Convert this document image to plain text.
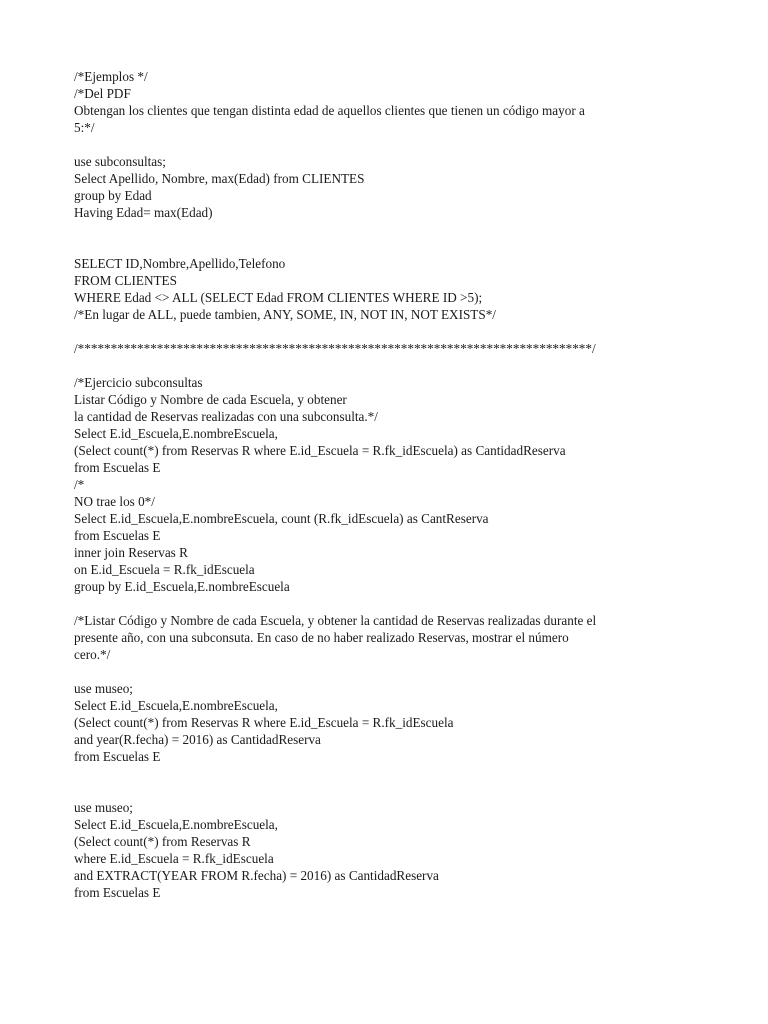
/*Ejemplos */
/*Del PDF
Obtengan los clientes que tengan distinta edad de aquellos clientes que tienen un código mayor a
5:*/
use subconsultas;
Select Apellido, Nombre, max(Edad) from CLIENTES
group by Edad
Having Edad= max(Edad)
SELECT ID,Nombre,Apellido,Telefono
FROM CLIENTES
WHERE Edad <> ALL (SELECT Edad FROM CLIENTES WHERE ID >5);
/*En lugar de ALL, puede tambien, ANY, SOME, IN, NOT IN, NOT EXISTS*/
/******************************************************************************/
/*Ejercicio subconsultas
Listar Código y Nombre de cada Escuela, y obtener
la cantidad de Reservas realizadas con una subconsulta.*/
Select E.id_Escuela,E.nombreEscuela,
(Select count(*) from Reservas R where E.id_Escuela = R.fk_idEscuela) as CantidadReserva
from Escuelas E
/*
NO trae los 0*/
Select E.id_Escuela,E.nombreEscuela, count (R.fk_idEscuela) as CantReserva
from Escuelas E
inner join Reservas R
on E.id_Escuela = R.fk_idEscuela
group by E.id_Escuela,E.nombreEscuela
/*Listar Código y Nombre de cada Escuela, y obtener la cantidad de Reservas realizadas durante el
presente año, con una subconsuta. En caso de no haber realizado Reservas, mostrar el número
cero.*/
use museo;
Select E.id_Escuela,E.nombreEscuela,
(Select count(*) from Reservas R where E.id_Escuela = R.fk_idEscuela
and year(R.fecha) = 2016) as CantidadReserva
from Escuelas E
use museo;
Select E.id_Escuela,E.nombreEscuela,
(Select count(*) from Reservas R
where E.id_Escuela = R.fk_idEscuela
and EXTRACT(YEAR FROM R.fecha) = 2016) as CantidadReserva
from Escuelas E
